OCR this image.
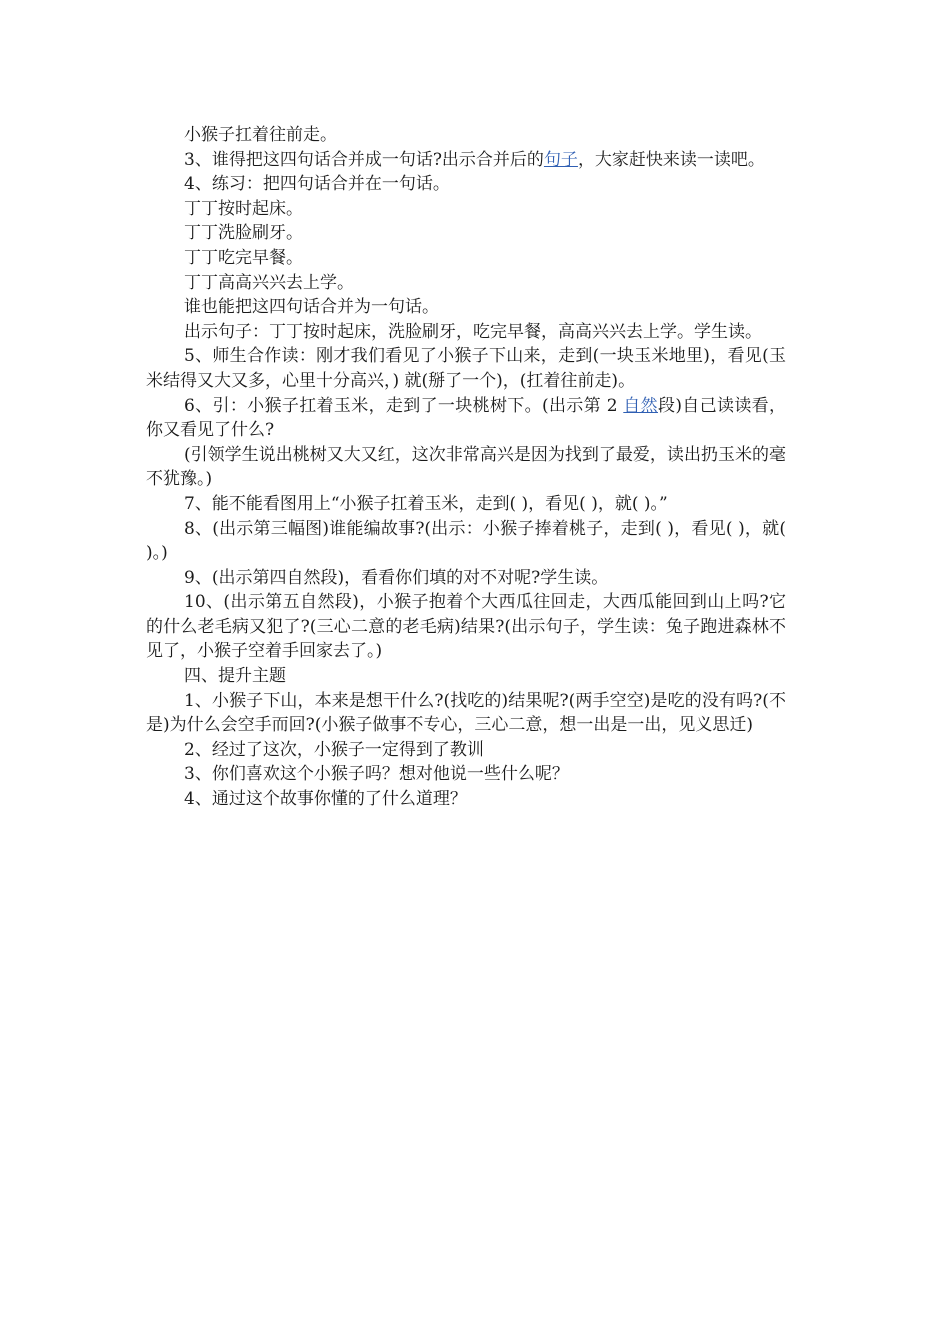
小猴子扛着往前走。

3、谁得把这四句话合并成一句话?出示合并后的句子，大家赶快来读一读吧。

4、练习：把四句话合并在一句话。

丁丁按时起床。

丁丁洗脸刷牙。

丁丁吃完早餐。

丁丁高高兴兴去上学。

谁也能把这四句话合并为一句话。

出示句子：丁丁按时起床，洗脸刷牙，吃完早餐，高高兴兴去上学。学生读。

5、师生合作读：刚才我们看见了小猴子下山来，走到(一块玉米地里)，看见(玉米结得又大又多，心里十分高兴，) 就(掰了一个)，(扛着往前走)。

6、引：小猴子扛着玉米，走到了一块桃树下。(出示第 2 自然段)自己读读看，你又看见了什么?

(引领学生说出桃树又大又红，这次非常高兴是因为找到了最爱，读出扔玉米的毫不犹豫。)

7、能不能看图用上“小猴子扛着玉米，走到( )，看见( )，就( )。”

8、(出示第三幅图)谁能编故事?(出示：小猴子捧着桃子，走到( )，看见( )，就( )。)

9、(出示第四自然段)，看看你们填的对不对呢?学生读。

10、(出示第五自然段)，小猴子抱着个大西瓜往回走，大西瓜能回到山上吗?它的什么老毛病又犯了?(三心二意的老毛病)结果?(出示句子，学生读：兔子跑进森林不见了，小猴子空着手回家去了。)

四、提升主题

1、小猴子下山，本来是想干什么?(找吃的)结果呢?(两手空空)是吃的没有吗?(不是)为什么会空手而回?(小猴子做事不专心，三心二意，想一出是一出，见义思迁)

2、经过了这次，小猴子一定得到了教训

3、你们喜欢这个小猴子吗？想对他说一些什么呢？

4、通过这个故事你懂的了什么道理？
